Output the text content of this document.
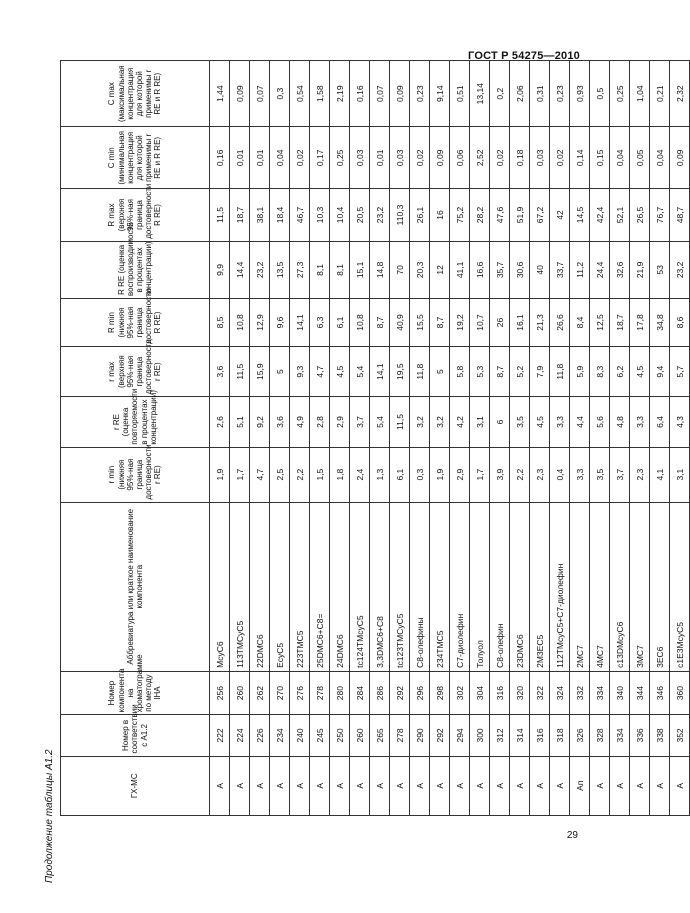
ГОСТ Р 54275—2010
Продолжение таблицы А1.2	29
ГХ-МС	Номер в соответствии с А1.2	Номер компонента на хроматограмме по методу IHA	Аббревиатура или краткое наименование компонента	r min (нижняя 95%-ная граница достоверности r RE)	r RE (оценка повторяемости в процентах концентрации)	r max (верхняя 95%-ная граница достоверности r RE)	R min (нижняя 95%-ная граница достоверности R RE)	R RE (оценка воспроизводимости в процентах концентрации)	R max (верхняя 95%-ная граница достоверности R RE)	C min (минимальная концентрация для которой применимы r RE и R RE)	C max (максимальная концентрация для которой применимы r RE и R RE)
А	222	256	McyC6	1,9	2,6	3,6	8,5	9,9	11,5	0,16	1,44
А	224	260	113TMCyC5	1,7	5,1	11,5	10,8	14,4	18,7	0,01	0,09
А	226	262	22DMC6	4,7	9,2	15,9	12,9	23,2	38,1	0,01	0,07
А	234	270	EcyC5	2,5	3,6	5	9,6	13,5	18,4	0,04	0,3
А	240	276	223TMC5	2,2	4,9	9,3	14,1	27,3	46,7	0,02	0,54
А	245	278	25DMC6+C8=	1,5	2,8	4,7	6,3	8,1	10,3	0,17	1,58
А	250	280	24DMC6	1,8	2,9	4,5	6,1	8,1	10,4	0,25	2,19
А	260	284	tc124TMcyC5	2,4	3,7	5,4	10,8	15,1	20,5	0,03	0,16
А	265	286	3,3DMC6+C8	1,3	5,4	14,1	8,7	14,8	23,2	0,01	0,07
А	278	292	tc123TMCyC5	6,1	11,5	19,5	40,9	70	110,3	0,03	0,09
А	290	296	C8-олефины	0,3	3,2	11,8	15,5	20,3	26,1	0,02	0,23
А	292	298	234TMC5	1,9	3,2	5	8,7	12	16	0,09	9,14
А	294	302	C7-диолефин	2,9	4,2	5,8	19,2	41,1	75,2	0,06	0,51
А	300	304	Толуол	1,7	3,1	5,3	10,7	16,6	28,2	2,52	13,14
А	312	316	C8-олефин	3,9	6	8,7	26	35,7	47,6	0,02	0,2
А	314	320	23DMC6	2,2	3,5	5,2	16,1	30,6	51,9	0,18	2,06
А	316	322	2M3EC5	2,3	4,5	7,9	21,3	40	67,2	0,03	0,31
А	318	324	112TMcyC5+C7-диолефин	0,4	3,3	11,8	26,6	33,7	42	0,02	0,23
Ап	326	332	2MC7	3,3	4,4	5,9	8,4	11,2	14,5	0,14	0,93
А	328	334	4MC7	3,5	5,6	8,3	12,5	24,4	42,4	0,15	0,5
А	334	340	c13DMcyC6	3,7	4,8	6,2	18,7	32,6	52,1	0,04	0,25
А	336	344	3MC7	2,3	3,3	4,5	17,8	21,9	26,5	0,05	1,04
А	338	346	3EC6	4,1	6,4	9,4	34,8	53	76,7	0,04	0,21
А	352	360	c1E3McyC5	3,1	4,3	5,7	8,6	23,2	48,7	0,09	2,32
